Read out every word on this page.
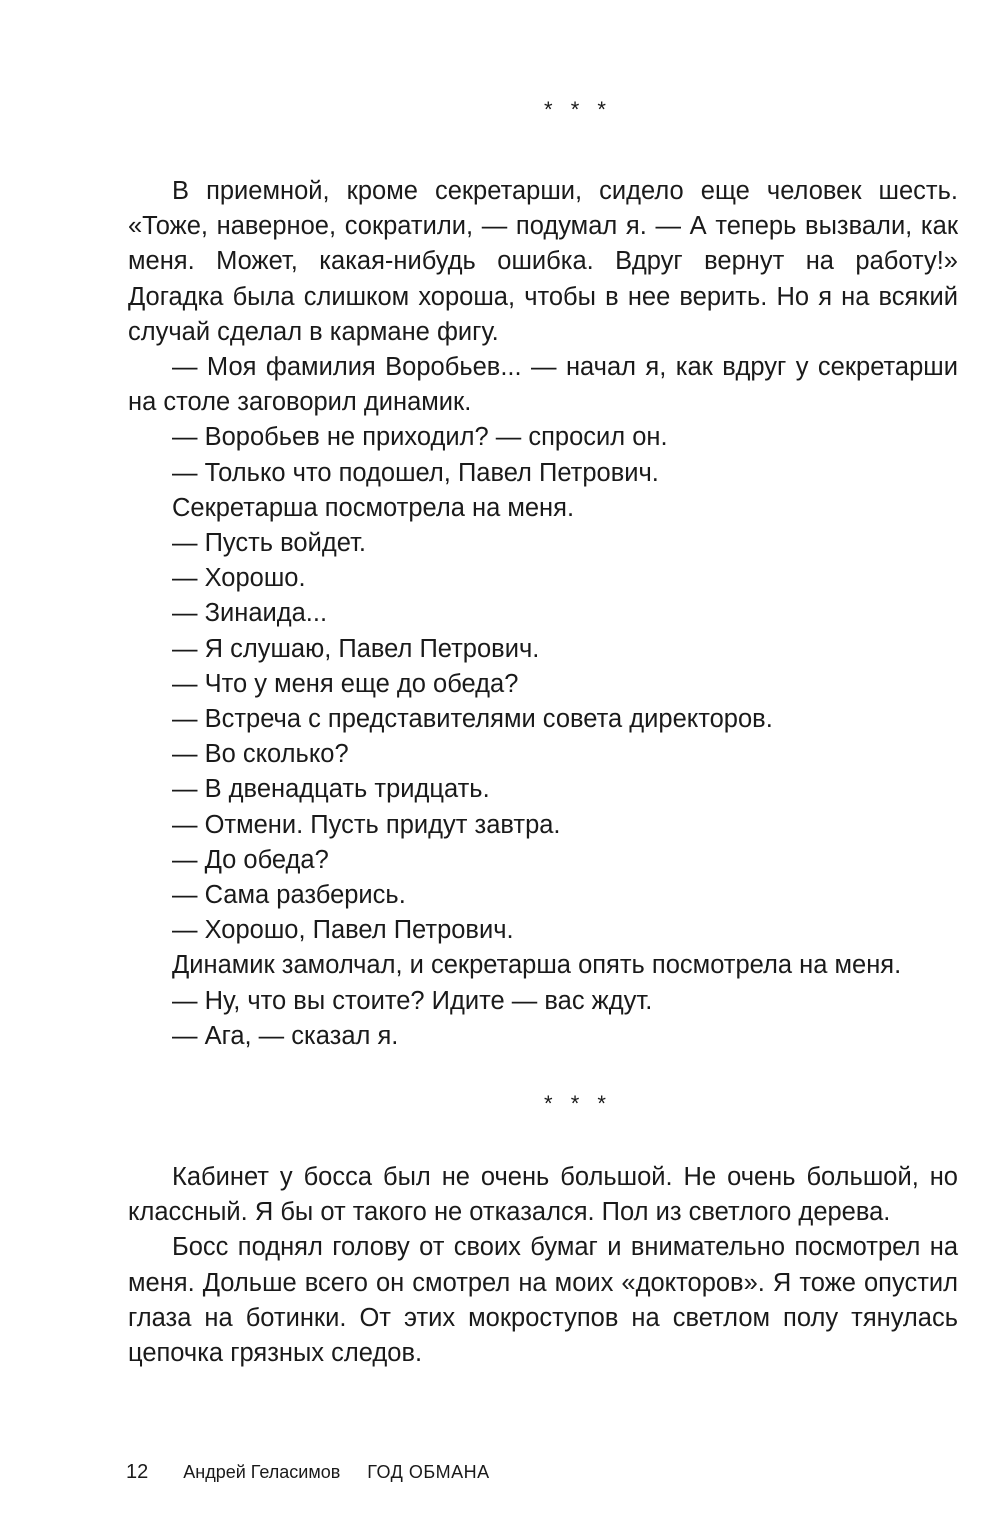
* * *

В приемной, кроме секретарши, сидело еще человек шесть. «Тоже, наверное, сократили, — подумал я. — А теперь вызвали, как меня. Может, какая-нибудь ошибка. Вдруг вернут на работу!» Догадка была слишком хороша, чтобы в нее верить. Но я на всякий случай сделал в кармане фигу.

— Моя фамилия Воробьев... — начал я, как вдруг у секретарши на столе заговорил динамик.

— Воробьев не приходил? — спросил он.

— Только что подошел, Павел Петрович.

Секретарша посмотрела на меня.

— Пусть войдет.

— Хорошо.

— Зинаида...

— Я слушаю, Павел Петрович.

— Что у меня еще до обеда?

— Встреча с представителями совета директоров.

— Во сколько?

— В двенадцать тридцать.

— Отмени. Пусть придут завтра.

— До обеда?

— Сама разберись.

— Хорошо, Павел Петрович.

Динамик замолчал, и секретарша опять посмотрела на меня.

— Ну, что вы стоите? Идите — вас ждут.

— Ага, — сказал я.

* * *

Кабинет у босса был не очень большой. Не очень большой, но классный. Я бы от такого не отказался. Пол из светлого дерева.

Босс поднял голову от своих бумаг и внимательно посмотрел на меня. Дольше всего он смотрел на моих «докторов». Я тоже опустил глаза на ботинки. От этих мокроступов на светлом полу тянулась цепочка грязных следов.

12 Андрей Геласимов ГОД ОБМАНА
